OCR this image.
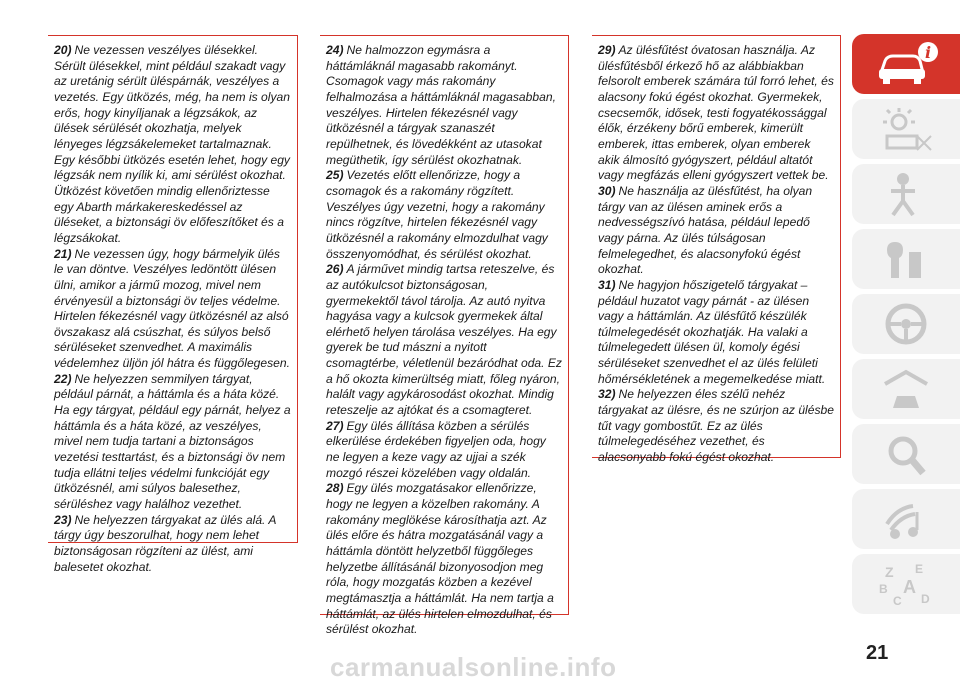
20) Ne vezessen veszélyes ülésekkel. Sérült ülésekkel, mint például szakadt vagy az uretánig sérült üléspárnák, veszélyes a vezetés. Egy ütközés, még, ha nem is olyan erős, hogy kinyíljanak a légzsákok, az ülések sérülését okozhatja, melyek lényeges légzsákelemeket tartalmaznak. Egy későbbi ütközés esetén lehet, hogy egy légzsák nem nyílik ki, ami sérülést okozhat. Ütközést követően mindig ellenőriztesse egy Abarth márkakereskedéssel az üléseket, a biztonsági öv előfeszítőket és a légzsákokat.

21) Ne vezessen úgy, hogy bármelyik ülés le van döntve. Veszélyes ledöntött ülésen ülni, amikor a jármű mozog, mivel nem érvényesül a biztonsági öv teljes védelme. Hirtelen fékezésnél vagy ütközésnél az alsó övszakasz alá csúszhat, és súlyos belső sérüléseket szenvedhet. A maximális védelemhez üljön jól hátra és függőlegesen.

22) Ne helyezzen semmilyen tárgyat, például párnát, a háttámla és a háta közé. Ha egy tárgyat, például egy párnát, helyez a háttámla és a háta közé, az veszélyes, mivel nem tudja tartani a biztonságos vezetési testtartást, és a biztonsági öv nem tudja ellátni teljes védelmi funkcióját egy ütközésnél, ami súlyos balesethez, sérüléshez vagy halálhoz vezethet.

23) Ne helyezzen tárgyakat az ülés alá. A tárgy úgy beszorulhat, hogy nem lehet biztonságosan rögzíteni az ülést, ami balesetet okozhat.

24) Ne halmozzon egymásra a háttámláknál magasabb rakományt. Csomagok vagy más rakomány felhalmozása a háttámláknál magasabban, veszélyes. Hirtelen fékezésnél vagy ütközésnél a tárgyak szanaszét repülhetnek, és lövedékként az utasokat megüthetik, így sérülést okozhatnak.

25) Vezetés előtt ellenőrizze, hogy a csomagok és a rakomány rögzített. Veszélyes úgy vezetni, hogy a rakomány nincs rögzítve, hirtelen fékezésnél vagy ütközésnél a rakomány elmozdulhat vagy összenyomódhat, és sérülést okozhat.

26) A járművet mindig tartsa reteszelve, és az autókulcsot biztonságosan, gyermekektől távol tárolja. Az autó nyitva hagyása vagy a kulcsok gyermekek által elérhető helyen tárolása veszélyes. Ha egy gyerek be tud mászni a nyitott csomagtérbe, véletlenül bezáródhat oda. Ez a hő okozta kimerültség miatt, főleg nyáron, halált vagy agykárosodást okozhat. Mindig reteszelje az ajtókat és a csomagteret.

27) Egy ülés állítása közben a sérülés elkerülése érdekében figyeljen oda, hogy ne legyen a keze vagy az ujjai a szék mozgó részei közelében vagy oldalán.

28) Egy ülés mozgatásakor ellenőrizze, hogy ne legyen a közelben rakomány. A rakomány meglökése károsíthatja azt. Az ülés előre és hátra mozgatásánál vagy a háttámla döntött helyzetből függőleges helyzetbe állításánál bizonyosodjon meg róla, hogy mozgatás közben a kezével megtámasztja a háttámlát. Ha nem tartja a háttámlát, az ülés hirtelen elmozdulhat, és sérülést okozhat.

29) Az ülésfűtést óvatosan használja. Az ülésfűtésből érkező hő az alábbiakban felsorolt emberek számára túl forró lehet, és alacsony fokú égést okozhat. Gyermekek, csecsemők, idősek, testi fogyatékossággal élők, érzékeny bőrű emberek, kimerült emberek, ittas emberek, olyan emberek akik álmosító gyógyszert, például altatót vagy megfázás elleni gyógyszert vettek be.

30) Ne használja az ülésfűtést, ha olyan tárgy van az ülésen aminek erős a nedvességszívó hatása, például lepedő vagy párna. Az ülés túlságosan felmelegedhet, és alacsonyfokú égést okozhat.

31) Ne hagyjon hőszigetelő tárgyakat – például huzatot vagy párnát - az ülésen vagy a háttámlán. Az ülésfűtő készülék túlmelegedését okozhatják. Ha valaki a túlmelegedett ülésen ül, komoly égési sérüléseket szenvedhet el az ülés felületi hőmérsékletének a megemelkedése miatt.

32) Ne helyezzen éles szélű nehéz tárgyakat az ülésre, és ne szúrjon az ülésbe tűt vagy gombostűt. Ez az ülés túlmelegedéséhez vezethet, és alacsonyabb fokú égést okozhat.

i
Z E
B A
C D
21
carmanualsonline.info
